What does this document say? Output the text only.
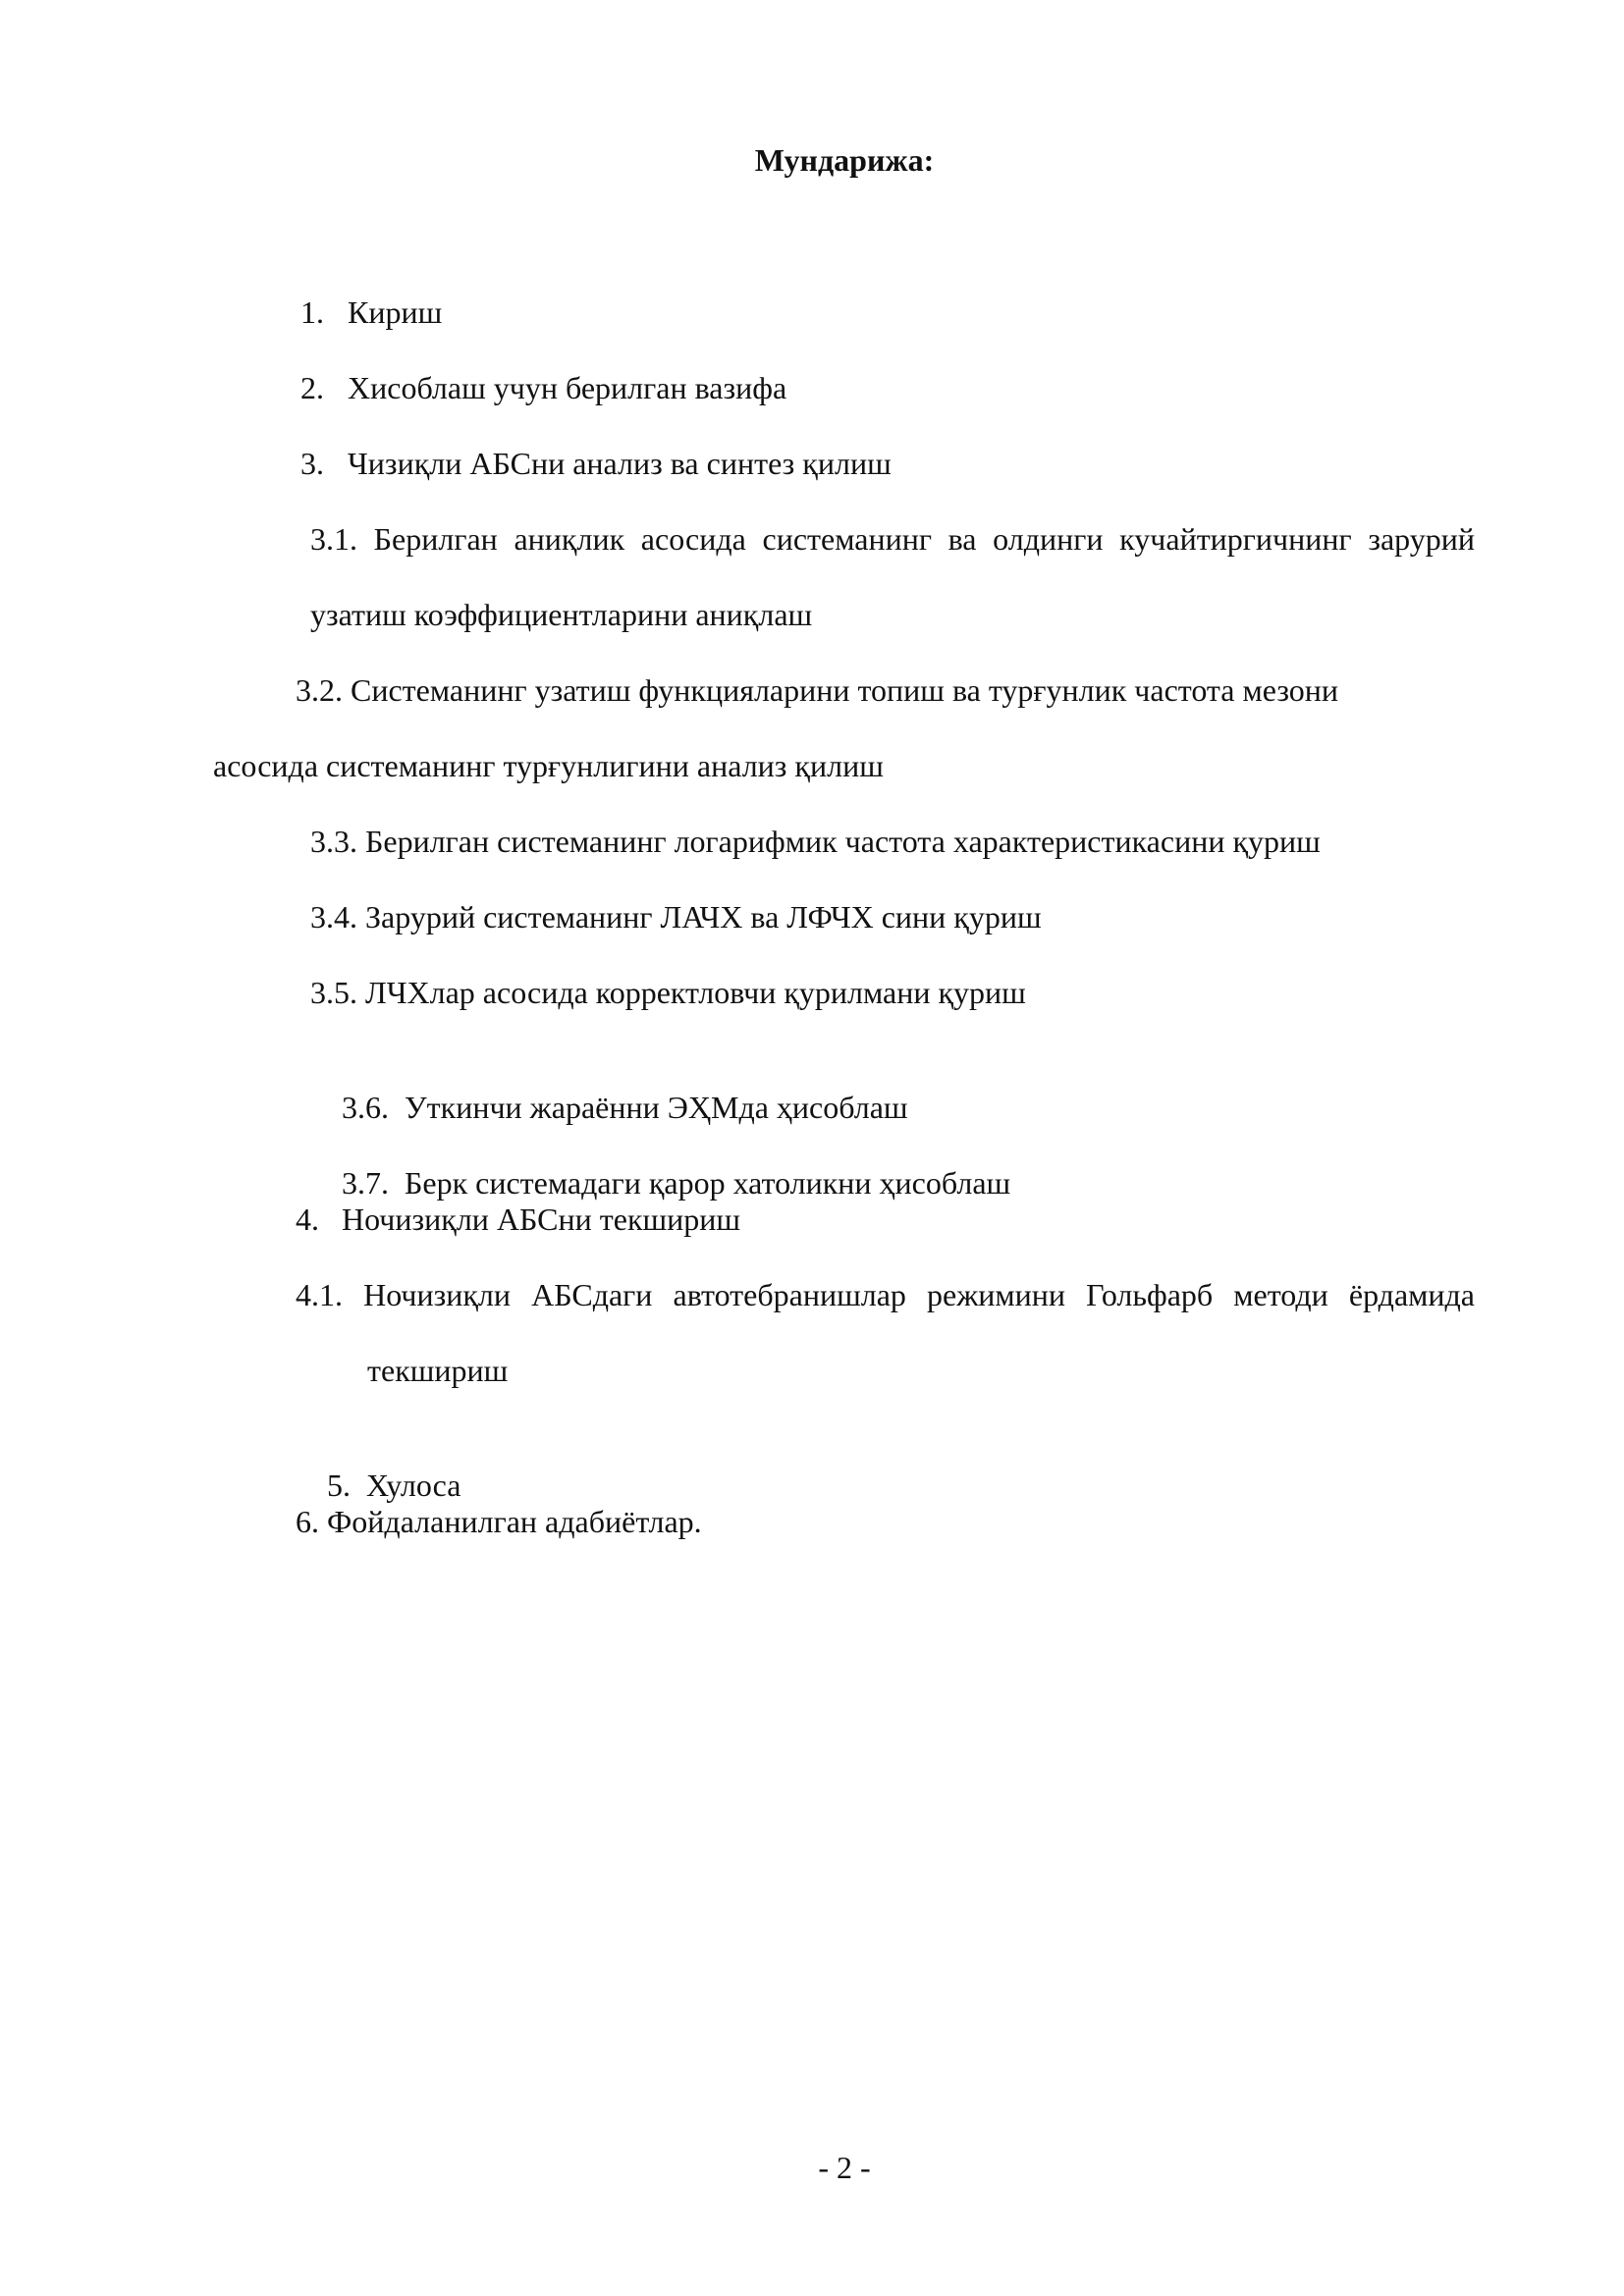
Мундарижа:
1. Кириш
2. Хисоблаш учун берилган вазифа
3. Чизиқли АБСни анализ ва синтез қилиш
3.1. Берилган аниқлик асосида системанинг ва олдинги кучайтиргичнинг зарурий
узатиш коэффициентларини аниқлаш
3.2. Системанинг узатиш функцияларини топиш ва турғунлик частота мезони
асосида системанинг турғунлигини анализ қилиш
3.3. Берилган системанинг логарифмик частота характеристикасини қуриш
3.4. Зарурий системанинг ЛАЧХ ва ЛФЧХ сини қуриш
3.5. ЛЧХлар асосида корректловчи қурилмани қуриш

3.6.  Уткинчи жараённи ЭҲМда ҳисоблаш

3.7.  Берк системадаги қарор хатоликни ҳисоблаш

4. Ночизиқли АБСни текшириш
4.1. Ночизиқли АБСдаги автотебранишлар режимини Гольфарб методи ёрдамида
текшириш

5.  Хулоса

6. Фойдаланилган адабиётлар.
- 2 -
